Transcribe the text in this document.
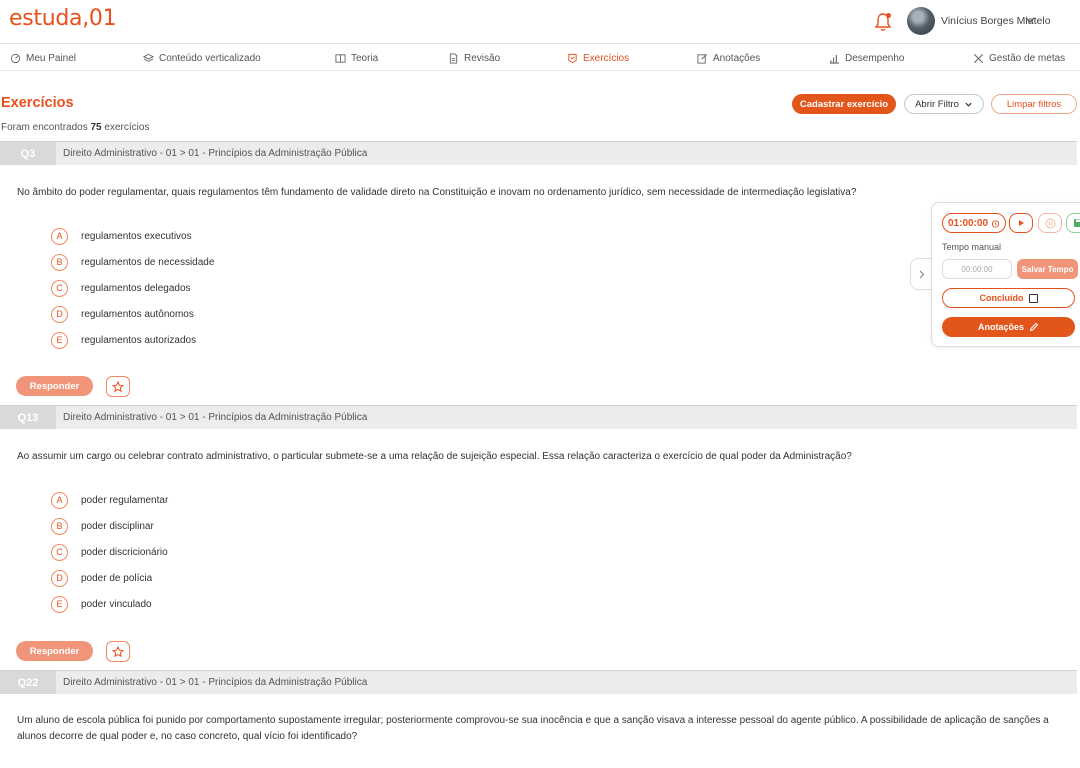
estuda,01	Vinícius Borges Miatelo
Meu Painel	Conteúdo verticalizado	Teoria	Revisão	Exercícios	Anotações	Desempenho	Gestão de metas
Exercícios
Foram encontrados 75 exercícios
Cadastrar exercício	Abrir Filtro	Limpar filtros
Q3	Direito Administrativo - 01 > 01 - Princípios da Administração Pública
No âmbito do poder regulamentar, quais regulamentos têm fundamento de validade direto na Constituição e inovam no ordenamento jurídico, sem necessidade de intermediação legislativa?
A	regulamentos executivos
B	regulamentos de necessidade
C	regulamentos delegados
D	regulamentos autônomos
E	regulamentos autorizados
Responder
Q13	Direito Administrativo - 01 > 01 - Princípios da Administração Pública
Ao assumir um cargo ou celebrar contrato administrativo, o particular submete-se a uma relação de sujeição especial. Essa relação caracteriza o exercício de qual poder da Administração?
A	poder regulamentar
B	poder disciplinar
C	poder discricionário
D	poder de polícia
E	poder vinculado
Responder
Q22	Direito Administrativo - 01 > 01 - Princípios da Administração Pública
Um aluno de escola pública foi punido por comportamento supostamente irregular; posteriormente comprovou-se sua inocência e que a sanção visava a interesse pessoal do agente público. A possibilidade de aplicação de sanções a alunos decorre de qual poder e, no caso concreto, qual vício foi identificado?
01:00:00
Tempo manual
00:00:00	Salvar Tempo
Concluído
Anotações
